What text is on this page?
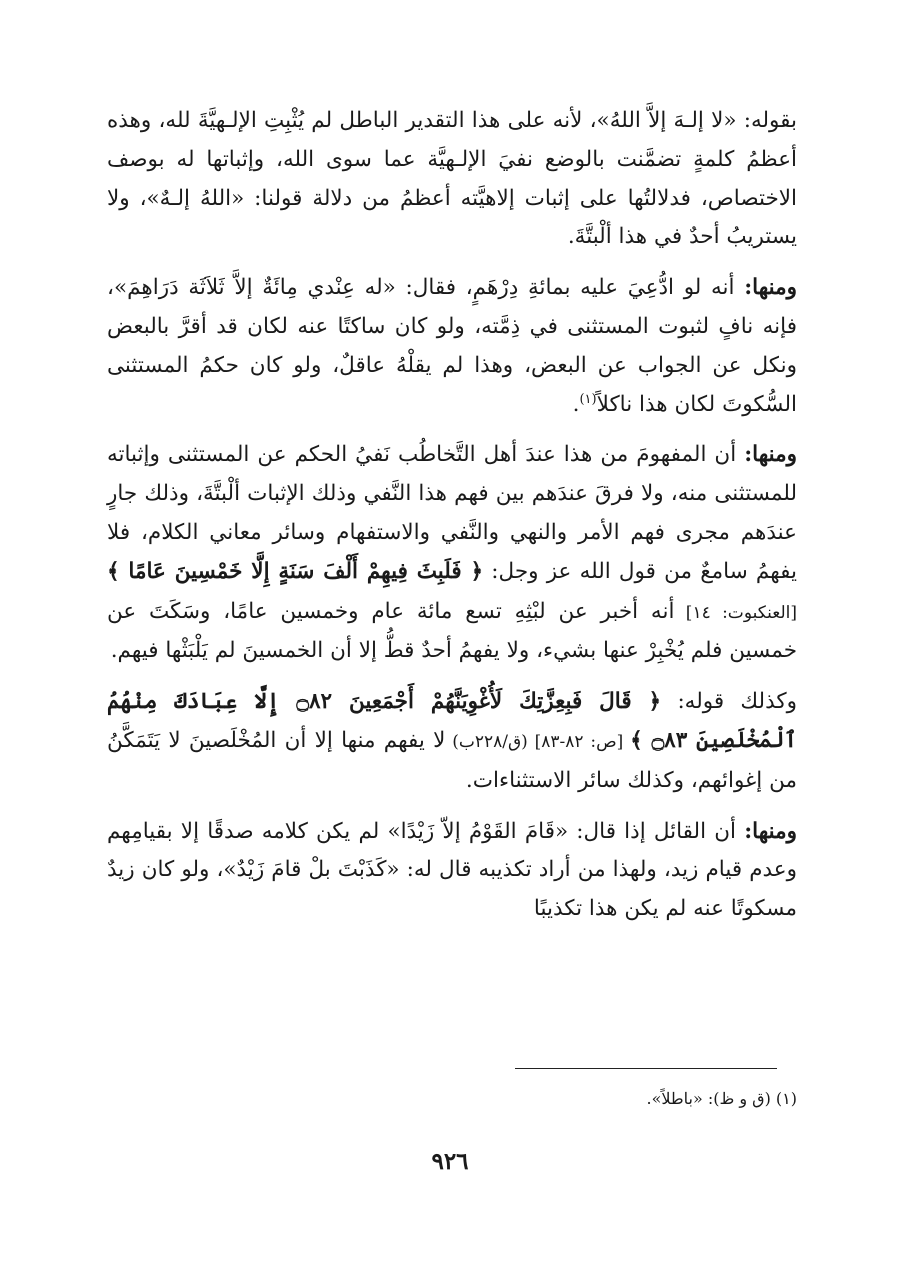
بقوله: «لا إلـهَ إلاَّ اللهُ»، لأنه على هذا التقدير الباطل لم يُثْبِتِ الإلـهيَّةَ لله، وهذه أعظمُ كلمةٍ تضمَّنت بالوضع نفيَ الإلـهيَّة عما سوى الله، وإثباتها له بوصف الاختصاص، فدلالتُها على إثبات إلاهيَّته أعظمُ من دلالة قولنا: «اللهُ إلـهٌ»، ولا يستريبُ أحدٌ في هذا ألْبتَّةَ.

ومنها: أنه لو ادُّعِيَ عليه بمائةِ دِرْهَمٍ، فقال: «له عِنْدي مِائَةٌ إلاَّ ثَلاَثَة دَرَاهِمَ»، فإنه نافٍ لثبوت المستثنى في ذِمَّته، ولو كان ساكتًا عنه لكان قد أقرَّ بالبعض ونكل عن الجواب عن البعض، وهذا لم يقلْهُ عاقلٌ، ولو كان حكمُ المستثنى السُّكوتَ لكان هذا ناكلاً$^{(١)}$.

ومنها: أن المفهومَ من هذا عندَ أهل التَّخاطُب نَفيُ الحكم عن المستثنى وإثباته للمستثنى منه، ولا فرقَ عندَهم بين فهم هذا النَّفي وذلك الإثبات ألْبتَّةَ، وذلك جارٍ عندَهم مجرى فهم الأمر والنهي والنَّفي والاستفهام وسائر معاني الكلام، فلا يفهمُ سامعٌ من قول الله عز وجل: ﴿ فَلَبِثَ فِيهِمْ أَلْفَ سَنَةٍ إِلَّا خَمْسِينَ عَامًا ﴾ [العنكبوت: ١٤] أنه أخبر عن لبْثِهِ تسع مائة عام وخمسين عامًا، وسَكَتَ عن خمسين فلم يُخْبِرْ عنها بشيء، ولا يفهمُ أحدٌ قطُّ إلا أن الخمسينَ لم يَلْبَثْها فيهم.

وكذلك قوله: ﴿ قَالَ فَبِعِزَّتِكَ لَأُغْوِيَنَّهُمْ أَجْمَعِينَ ۝٨٢ إِلَّا عِبَادَكَ مِنْهُمُ ٱلْمُخْلَصِينَ ۝٨٣ ﴾ [ص: ٨٢-٨٣] (ق/٢٢٨ب) لا يفهم منها إلا أن المُخْلَصينَ لا يَتَمَكَّنُ من إغوائهم، وكذلك سائر الاستثناءات.

ومنها: أن القائل إذا قال: «قَامَ القَوْمُ إلاّ زَيْدًا» لم يكن كلامه صدقًا إلا بقيامِهم وعدم قيام زيد، ولهذا من أراد تكذيبه قال له: «كَذَبْتَ بلْ قامَ زَيْدٌ»، ولو كان زيدٌ مسكوتًا عنه لم يكن هذا تكذيبًا

(١) (ق و ظ): «باطلاً».
٩٢٦
